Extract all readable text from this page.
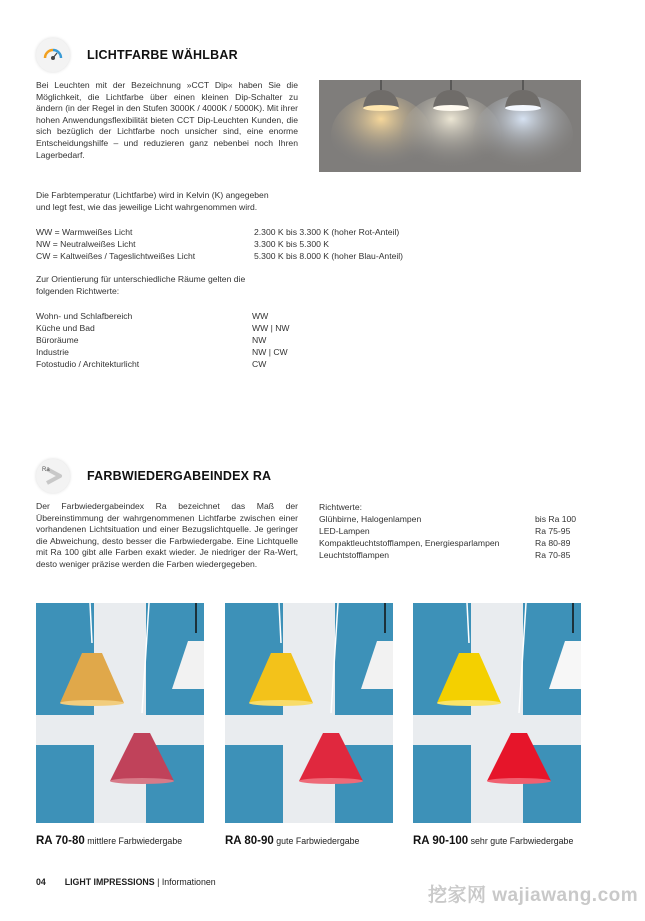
LICHTFARBE WÄHLBAR
Bei Leuchten mit der Bezeichnung »CCT Dip« haben Sie die Möglichkeit, die Lichtfarbe über einen kleinen Dip-Schalter zu ändern (in der Regel in den Stufen 3000K / 4000K / 5000K). Mit ihrer hohen Anwendungsflexibilität bieten CCT Dip-Leuchten Kunden, die sich bezüglich der Lichtfarbe noch unsicher sind, eine enorme Entscheidungshilfe – und reduzieren ganz nebenbei noch Ihren Lagerbedarf.
Die Farbtemperatur (Lichtfarbe) wird in Kelvin (K) angegeben
und legt fest, wie das jeweilige Licht wahrgenommen wird.
WW = Warmweißes Licht	2.300 K bis 3.300 K (hoher Rot-Anteil)
NW = Neutralweißes Licht	3.300 K bis 5.300 K
CW = Kaltweißes / Tageslichtweißes Licht	5.300 K bis 8.000 K (hoher Blau-Anteil)
Zur Orientierung für unterschiedliche Räume gelten die
folgenden Richtwerte:
Wohn- und Schlafbereich	WW
Küche und Bad	WW | NW
Büroräume	NW
Industrie	NW | CW
Fotostudio / Architekturlicht	CW
Ra	FARBWIEDERGABEINDEX RA
Der Farbwiedergabeindex Ra bezeichnet das Maß der Übereinstimmung der wahrgenommenen Lichtfarbe zwischen einer vorhandenen Lichtsituation und einer Bezugslichtquelle. Je geringer die Abweichung, desto besser die Farbwiedergabe. Eine Lichtquelle mit Ra 100 gibt alle Farben exakt wieder. Je niedriger der Ra-Wert, desto weniger präzise werden die Farben wiedergegeben.
Richtwerte:
Glühbirne, Halogenlampen	bis Ra 100
LED-Lampen	Ra 75-95
Kompaktleuchtstofflampen, Energiesparlampen	Ra 80-89
Leuchtstofflampen	Ra 70-85
RA 70-80 mittlere Farbwiedergabe	RA 80-90 gute Farbwiedergabe	RA 90-100 sehr gute Farbwiedergabe
04 LIGHT IMPRESSIONS | Informationen
挖家网 wajiawang.com
